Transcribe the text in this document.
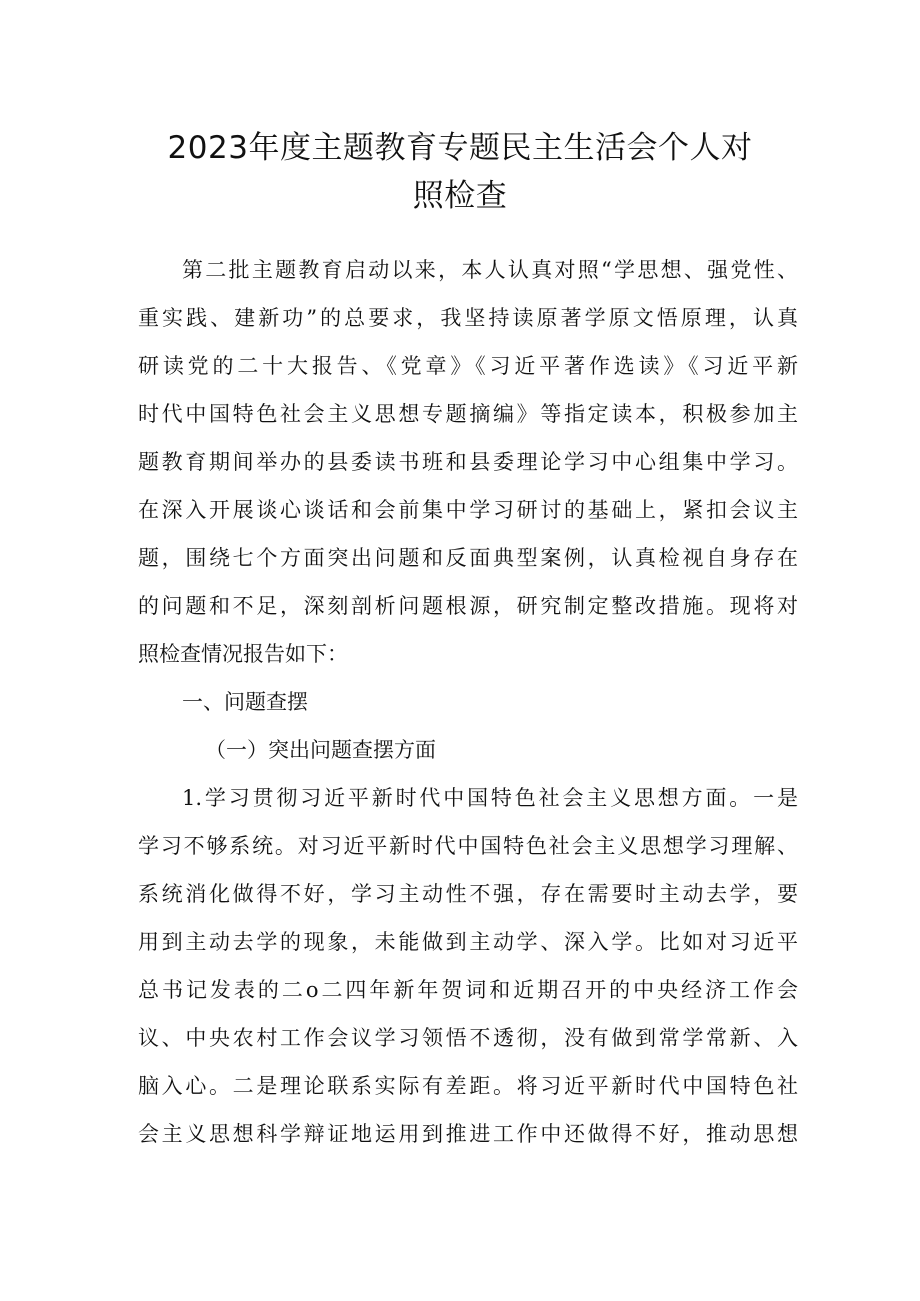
2023年度主题教育专题民主生活会个人对
照检查
第二批主题教育启动以来，本人认真对照“学思想、强党性、
重实践、建新功”的总要求，我坚持读原著学原文悟原理，认真
研读党的二十大报告、《党章》《习近平著作选读》《习近平新
时代中国特色社会主义思想专题摘编》等指定读本，积极参加主
题教育期间举办的县委读书班和县委理论学习中心组集中学习。
在深入开展谈心谈话和会前集中学习研讨的基础上，紧扣会议主
题，围绕七个方面突出问题和反面典型案例，认真检视自身存在
的问题和不足，深刻剖析问题根源，研究制定整改措施。现将对
照检查情况报告如下：
一、问题查摆
（一）突出问题查摆方面
1.学习贯彻习近平新时代中国特色社会主义思想方面。一是
学习不够系统。对习近平新时代中国特色社会主义思想学习理解、
系统消化做得不好，学习主动性不强，存在需要时主动去学，要
用到主动去学的现象，未能做到主动学、深入学。比如对习近平
总书记发表的二o二四年新年贺词和近期召开的中央经济工作会
议、中央农村工作会议学习领悟不透彻，没有做到常学常新、入
脑入心。二是理论联系实际有差距。将习近平新时代中国特色社
会主义思想科学辩证地运用到推进工作中还做得不好，推动思想
